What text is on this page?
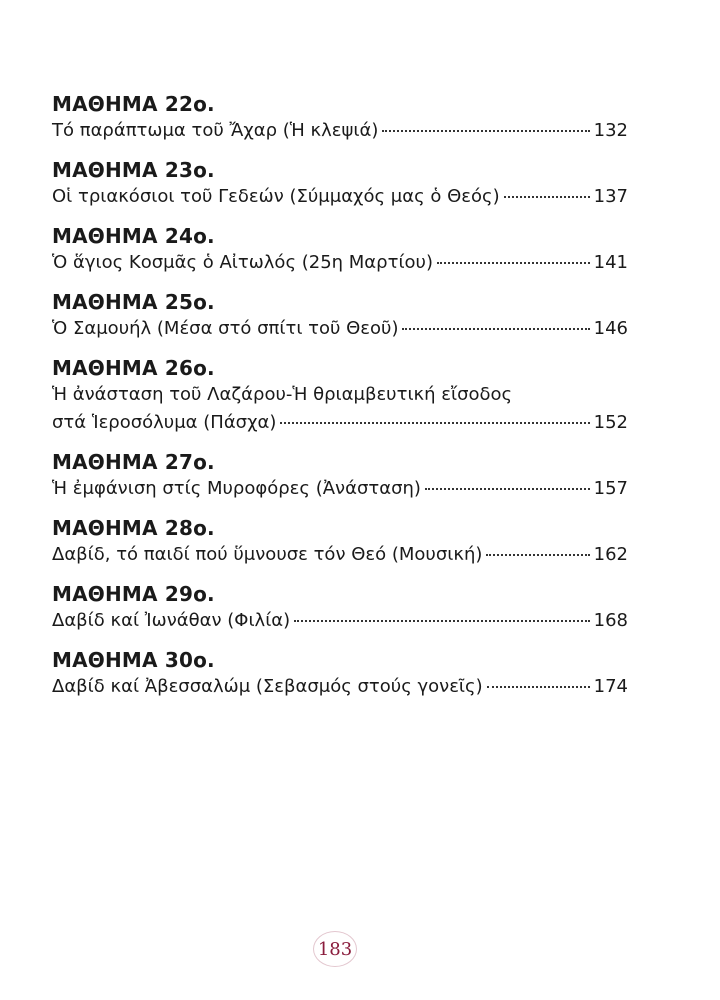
ΜΑΘΗΜΑ 22ο.
Τό παράπτωμα τοῦ Ἄχαρ (Ἡ κλεψιά)	132
ΜΑΘΗΜΑ 23ο.
Οἱ τριακόσιοι τοῦ Γεδεών (Σύμμαχός μας ὁ Θεός)	137
ΜΑΘΗΜΑ 24ο.
Ὁ ἅγιος Κοσμᾶς ὁ Αἰτωλός (25η Μαρτίου)	141
ΜΑΘΗΜΑ 25ο.
Ὁ Σαμουήλ (Μέσα στό σπίτι τοῦ Θεοῦ)	146
ΜΑΘΗΜΑ 26ο.
Ἡ ἀνάσταση τοῦ Λαζάρου-Ἡ θριαμβευτική εἴσοδος
στά Ἱεροσόλυμα (Πάσχα)	152
ΜΑΘΗΜΑ 27ο.
Ἡ ἐμφάνιση στίς Μυροφόρες (Ἀνάσταση)	157
ΜΑΘΗΜΑ 28ο.
Δαβίδ, τό παιδί πού ὕμνουσε τόν Θεό (Μουσική)	162
ΜΑΘΗΜΑ 29ο.
Δαβίδ καί Ἰωνάθαν (Φιλία)	168
ΜΑΘΗΜΑ 30ο.
Δαβίδ καί Ἀβεσσαλώμ (Σεβασμός στούς γονεῖς)	174
183
